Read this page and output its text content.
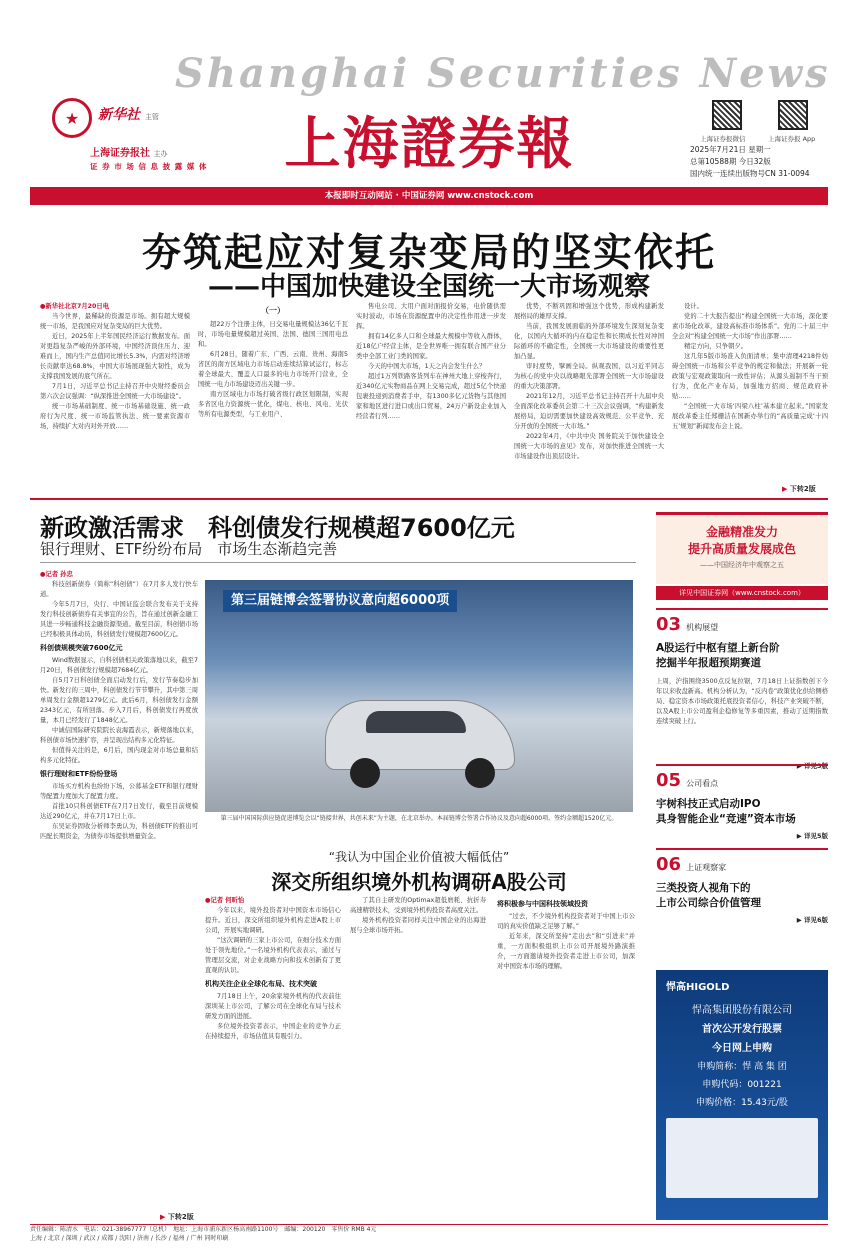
★	新华社 主管
上海证券报社 主办
证 券 市 场 信 息 披 露 媒 体
Shanghai Securities News
上海證券報	上海证券报微信	上海证券报 App
2025年7月21日 星期一
总第10588期 今日32版
国内统一连续出版物号CN 31-0094
本报即时互动网站 · 中国证券网 www.cnstock.com
夯筑起应对复杂变局的坚实依托
——中国加快建设全国统一大市场观察

●新华社北京7月20日电

当今世界，最稀缺的资源是市场。拥有超大规模统一市场，是我国应对复杂变局的巨大优势。

近日，2025年上半年国民经济运行数据发布。面对更趋复杂严峻的外部环境，中国经济顶住压力、迎难而上，国内生产总值同比增长5.3%，内需对经济增长贡献率达68.8%，中国大市场展现强大韧性，成为支撑我国发展的底气所在。

7月1日，习近平总书记主持召开中央财经委员会第六次会议强调：“纵深推进全国统一大市场建设”。

统一市场基础制度、统一市场基础设施、统一政府行为尺度、统一市场监管执法、统一要素资源市场，持续扩大对内对外开放……

（一）

超22万个注册主体，日交易电量规模达36亿千瓦时，市场电量规模超过英国、法国、德国三国用电总和。

6月28日，随着广东、广西、云南、贵州、海南5省区的南方区域电力市场启动连续结算试运行，标志着全球最大、覆盖人口最多的电力市场开门营业，全国统一电力市场建设迈出关键一步。

南方区域电力市场打破省级行政区划限制，实现多省区电力资源统一优化，煤电、核电、风电、光伏等所有电源类型，与工业用户、

售电公司、大用户面对面报价交易，电价随供需实时波动，市场在资源配置中的决定性作用进一步发挥。

拥有14亿多人口和全球最大规模中等收入群体，近18亿户经营主体，是全世界唯一拥有联合国产业分类中全部工业门类的国家。

今天的中国大市场，1天之内会发生什么？

超过1万列铁路客货列车在神州大地上穿梭奔行，近340亿元实物商品在网上交易完成，超过5亿个快递包裹投递到消费者手中，有1300多亿元货物与其他国家和地区进行进口或出口贸易，24万户新设企业加入经营者行列……

优势，不断巩固和增强这个优势，形成构建新发展格局的雄厚支撑。

当前，我国发展面临的外部环境发生深刻复杂变化，以国内大循环的内在稳定性和长期成长性对冲国际循环的不确定性，全国统一大市场建设的重要性更加凸显。

审时度势，擘画全局。纵观我国，以习近平同志为核心的党中央以战略眼光部署全国统一大市场建设的重大决策部署。

2021年12月，习近平总书记主持召开十九届中央全面深化改革委员会第二十三次会议强调，“构建新发展格局，迫切需要加快建设高效规范、公平竞争、充分开放的全国统一大市场。”

2022年4月，《中共中央 国务院关于加快建设全国统一大市场的意见》发布，对加快推进全国统一大市场建设作出顶层设计。

设计。

党的二十大报告提出“构建全国统一大市场，深化要素市场化改革，建设高标准市场体系”。党的二十届三中全会对“构建全国统一大市场”作出部署……

精定方向，只争朝夕。

这几年5版市场准入负面清单；集中清理4218件妨碍全国统一市场和公平竞争的规定和做法；开展新一轮政策与宏观政策取向一致性评估；从源头遏制不当干预行为，优化产业布局，加强地方招商、规范政府补贴……

“全国统一大市场‘四梁八柱’基本建立起来。”国家发展改革委主任郑栅洁在国新办举行的“高质量完成‘十四五’规划”新闻发布会上说。

▶ 下转2版
新政激活需求　科创债发行规模超7600亿元
银行理财、ETF纷纷布局　市场生态渐趋完善
金融精准发力
提升高质量发展成色
——中国经济年中观察之五
详见中国证券网（www.cnstock.com）

●记者 孙忠

科技创新债券（简称“科创债”）在7月多人发行快车道。

今年5月7日，央行、中国证监会联合发布关于支持发行科技创新债券有关事宜的公告，旨在通过创新金融工具进一步畅通科技金融资源渠道。截至目前，科创债市场已经积极具体动员，科创债发行规模超7600亿元。

科创债规模突破7600亿元

Wind数据显示，自科创债相关政策落地以来，截至7月20日，科创债发行规模超7684亿元。

自5月7日科创债全面启动发行后，发行节奏稳步加快。新发行的三周中，科创债发行节节攀升，其中第三周单周发行金额超1279亿元。此后6月，科创债发行金额2343亿元，有所回落。步入7月后，科创债发行再度放量，本月已经发行了1848亿元。

中诚信国际研究院院长袁海霞表示，新规落地以来，科创债市场快速扩容，并呈现出结构多元化特征。

但值得关注的是，6月后，国内现金对市场总量和结构多元化特征。

银行理财和ETF纷纷登场

市场买方机构也纷纷下场，公募基金ETF和银行理财等配置力度加大了配置力度。

首批10只科创债ETF在7月7日发行，截至目前规模达近290亿元，并在7月17日上市。

东吴证券固收分析师李勇认为，科创债ETF的推出可匹配长期资金，为债券市场提供增量资金。

第三届链博会签署协议意向超6000项
第三届中国国际供应链促进博览会以“链接世界，共创未来”为主题，在北京举办。本届链博会签署合作协议及意向超6000项，签约金额超1520亿元。
“我认为中国企业价值被大幅低估”
深交所组织境外机构调研A股公司

●记者 何昕怡

今年以来，境外投资者对中国资本市场信心提升。近日，深交所组织境外机构走进A股上市公司，开展实地调研。

“这次调研的三家上市公司，在细分技术方面处于领先地位。”一名境外机构代表表示，通过与管理层交流，对企业战略方向和技术创新有了更直观的认识。

机构关注企业全球化布局、技术突破

7月18日上午，20余家境外机构的代表前往深圳某上市公司，了解公司在全球化布局与技术研发方面的进展。

多位境外投资者表示，中国企业的竞争力正在持续提升，市场估值具有吸引力。

了其自主研发的Optimax超低磨耗、抗折寿高速精铁技术，受到境外机构投资者高度关注。

境外机构投资者同样关注中国企业的出海进展与全球市场开拓。

将积极参与中国科技领域投资

“过去，不少境外机构投资者对于中国上市公司的真实价值缺乏足够了解。”

近年来，深交所坚持“走出去”和“引进来”并重，一方面积极组织上市公司开展境外路演推介，一方面邀请境外投资者走进上市公司，加深对中国资本市场的理解。

▶ 下转2版
03 机构展望
A股运行中枢有望上新台阶
挖掘半年报超预期赛道
上周，沪指围绕3500点反复拉锯，7月18日上证指数创下今年以来收盘新高。机构分析认为，“反内卷”政策优化供给侧格局、稳定资本市场政策托底投资者信心，科技产业突破不断，以及A股上市公司盈利企稳修复等多重因素，推动了近期指数连续突破上行。
▶ 详见3版
05 公司看点
宇树科技正式启动IPO
具身智能企业“竞速”资本市场
▶ 详见5版
06 上证观察家
三类投资人视角下的
上市公司综合价值管理
▶ 详见6版
悍高HIGOLD
悍高集团股份有限公司
首次公开发行股票
今日网上申购
申购简称：悍 高 集 团
申购代码：001221
申购价格：15.43元/股
责任编辑：陈清水　电话：021-38967777（总机）　地址：上海市浦东新区杨高南路1100号　邮编：200120　零售价 RMB 4元
上海 / 北京 / 深圳 / 武汉 / 成都 / 沈阳 / 济南 / 长沙 / 福州 / 广州 同时印刷
